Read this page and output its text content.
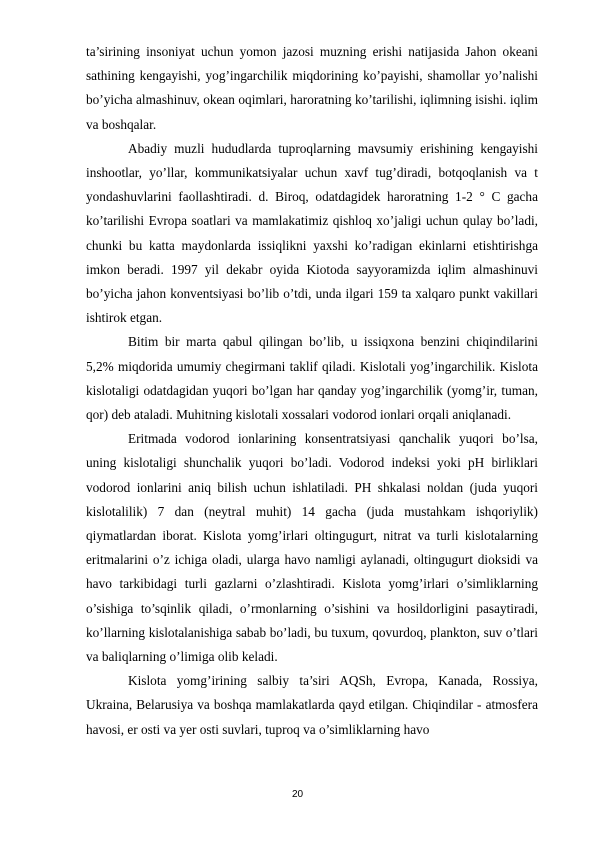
ta’sirining insoniyat uchun yomon jazosi muzning erishi natijasida Jahon okeani sathining kengayishi, yog’ingarchilik miqdorining ko’payishi, shamollar yo’nalishi bo’yicha almashinuv, okean oqimlari, haroratning ko’tarilishi, iqlimning isishi. iqlim va boshqalar.

Abadiy muzli hududlarda tuproqlarning mavsumiy erishining kengayishi inshootlar, yo’llar, kommunikatsiyalar uchun xavf tug’diradi, botqoqlanish va t yondashuvlarini faollashtiradi. d. Biroq, odatdagidek haroratning 1-2 ° C gacha ko’tarilishi Evropa soatlari va mamlakatimiz qishloq xo’jaligi uchun qulay bo’ladi, chunki bu katta maydonlarda issiqlikni yaxshi ko’radigan ekinlarni etishtirishga imkon beradi. 1997 yil dekabr oyida Kiotoda sayyoramizda iqlim almashinuvi bo’yicha jahon konventsiyasi bo’lib o’tdi, unda ilgari 159 ta xalqaro punkt vakillari ishtirok etgan.

Bitim bir marta qabul qilingan bo’lib, u issiqxona benzini chiqindilarini 5,2% miqdorida umumiy chegirmani taklif qiladi. Kislotali yog’ingarchilik. Kislota kislotaligi odatdagidan yuqori bo’lgan har qanday yog’ingarchilik (yomg’ir, tuman, qor) deb ataladi. Muhitning kislotali xossalari vodorod ionlari orqali aniqlanadi.

Eritmada vodorod ionlarining konsentratsiyasi qanchalik yuqori bo’lsa, uning kislotaligi shunchalik yuqori bo’ladi. Vodorod indeksi yoki pH birliklari vodorod ionlarini aniq bilish uchun ishlatiladi. PH shkalasi noldan (juda yuqori kislotalilik) 7 dan (neytral muhit) 14 gacha (juda mustahkam ishqoriylik) qiymatlardan iborat. Kislota yomg’irlari oltingugurt, nitrat va turli kislotalarning eritmalarini o’z ichiga oladi, ularga havo namligi aylanadi, oltingugurt dioksidi va havo tarkibidagi turli gazlarni o’zlashtiradi. Kislota yomg’irlari o’simliklarning o’sishiga to’sqinlik qiladi, o’rmonlarning o’sishini va hosildorligini pasaytiradi, ko’llarning kislotalanishiga sabab bo’ladi, bu tuxum, qovurdoq, plankton, suv o’tlari va baliqlarning o’limiga olib keladi.

Kislota yomg’irining salbiy ta’siri AQSh, Evropa, Kanada, Rossiya, Ukraina, Belarusiya va boshqa mamlakatlarda qayd etilgan. Chiqindilar - atmosfera havosi, er osti va yer osti suvlari, tuproq va o’simliklarning havo

20
